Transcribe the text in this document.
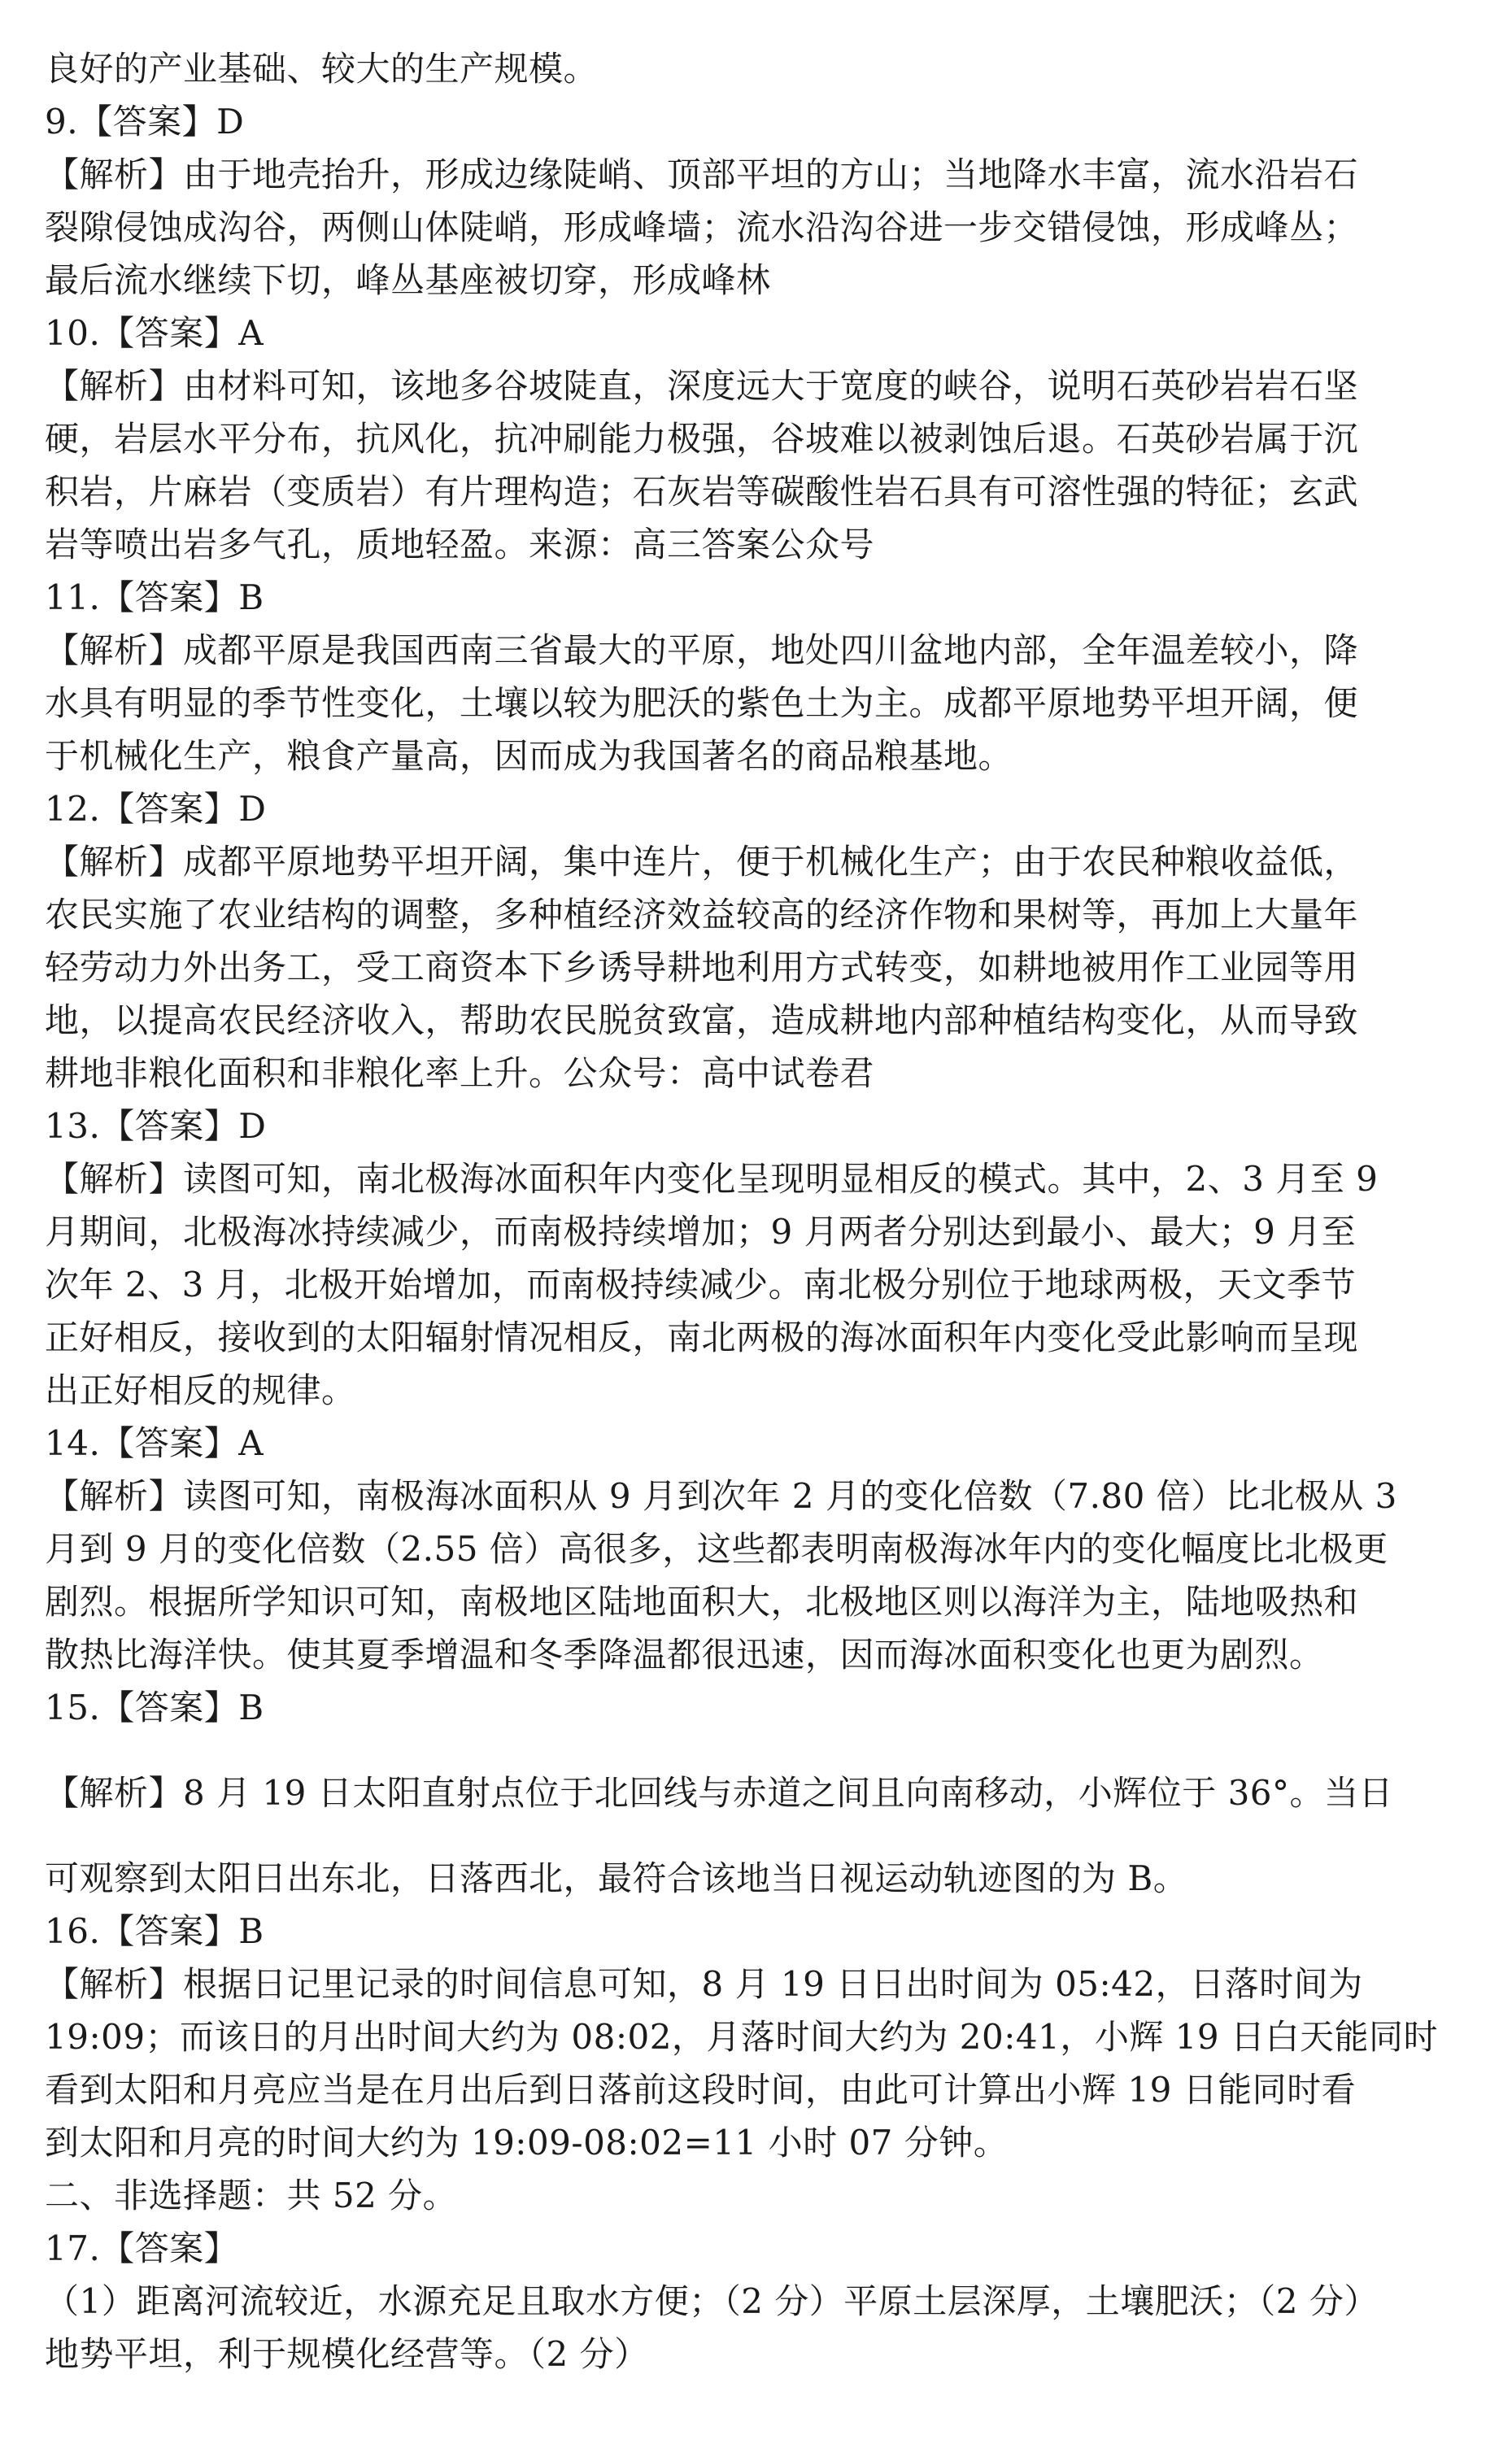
良好的产业基础、较大的生产规模。
9.【答案】D
【解析】由于地壳抬升，形成边缘陡峭、顶部平坦的方山；当地降水丰富，流水沿岩石
裂隙侵蚀成沟谷，两侧山体陡峭，形成峰墙；流水沿沟谷进一步交错侵蚀，形成峰丛；
最后流水继续下切，峰丛基座被切穿，形成峰林
10.【答案】A
【解析】由材料可知，该地多谷坡陡直，深度远大于宽度的峡谷，说明石英砂岩岩石坚
硬，岩层水平分布，抗风化，抗冲刷能力极强，谷坡难以被剥蚀后退。石英砂岩属于沉
积岩，片麻岩（变质岩）有片理构造；石灰岩等碳酸性岩石具有可溶性强的特征；玄武
岩等喷出岩多气孔，质地轻盈。来源：高三答案公众号
11.【答案】B
【解析】成都平原是我国西南三省最大的平原，地处四川盆地内部，全年温差较小，降
水具有明显的季节性变化，土壤以较为肥沃的紫色土为主。成都平原地势平坦开阔，便
于机械化生产，粮食产量高，因而成为我国著名的商品粮基地。
12.【答案】D
【解析】成都平原地势平坦开阔，集中连片，便于机械化生产；由于农民种粮收益低，
农民实施了农业结构的调整，多种植经济效益较高的经济作物和果树等，再加上大量年
轻劳动力外出务工，受工商资本下乡诱导耕地利用方式转变，如耕地被用作工业园等用
地，以提高农民经济收入，帮助农民脱贫致富，造成耕地内部种植结构变化，从而导致
耕地非粮化面积和非粮化率上升。公众号：高中试卷君
13.【答案】D
【解析】读图可知，南北极海冰面积年内变化呈现明显相反的模式。其中，2、3 月至 9
月期间，北极海冰持续减少，而南极持续增加；9 月两者分别达到最小、最大；9 月至
次年 2、3 月，北极开始增加，而南极持续减少。南北极分别位于地球两极，天文季节
正好相反，接收到的太阳辐射情况相反，南北两极的海冰面积年内变化受此影响而呈现
出正好相反的规律。
14.【答案】A
【解析】读图可知，南极海冰面积从 9 月到次年 2 月的变化倍数（7.80 倍）比北极从 3
月到 9 月的变化倍数（2.55 倍）高很多，这些都表明南极海冰年内的变化幅度比北极更
剧烈。根据所学知识可知，南极地区陆地面积大，北极地区则以海洋为主，陆地吸热和
散热比海洋快。使其夏季增温和冬季降温都很迅速，因而海冰面积变化也更为剧烈。
15.【答案】B
【解析】8 月 19 日太阳直射点位于北回线与赤道之间且向南移动，小辉位于 36°。当日
可观察到太阳日出东北，日落西北，最符合该地当日视运动轨迹图的为 B。
16.【答案】B
【解析】根据日记里记录的时间信息可知，8 月 19 日日出时间为 05:42，日落时间为
19:09；而该日的月出时间大约为 08:02，月落时间大约为 20:41，小辉 19 日白天能同时
看到太阳和月亮应当是在月出后到日落前这段时间，由此可计算出小辉 19 日能同时看
到太阳和月亮的时间大约为 19:09-08:02=11 小时 07 分钟。
二、非选择题：共 52 分。
17.【答案】
（1）距离河流较近，水源充足且取水方便；（2 分）平原土层深厚，土壤肥沃；（2 分）
地势平坦，利于规模化经营等。（2 分）
